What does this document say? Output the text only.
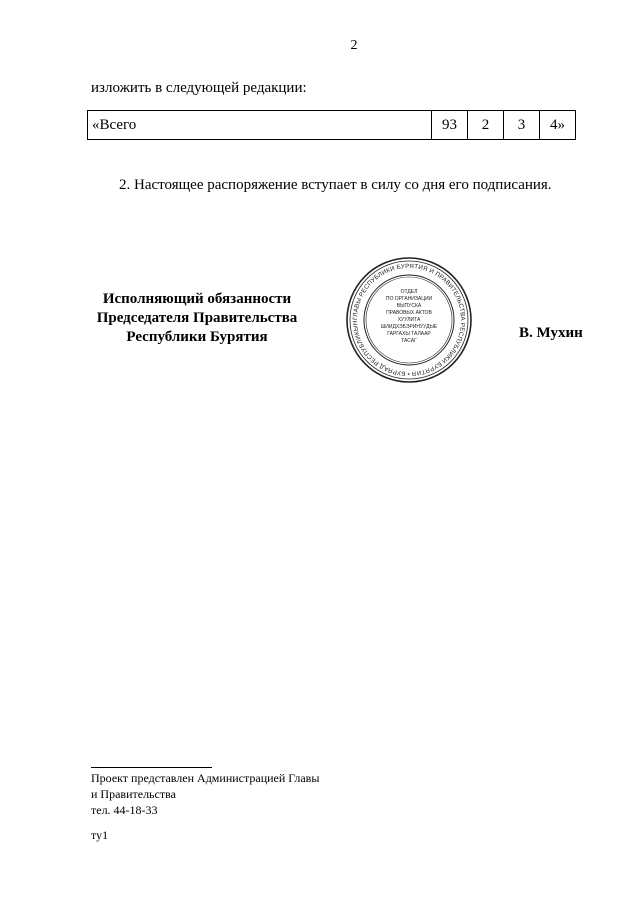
2
изложить в следующей редакции:
«Всего	93	2	3	4»
2. Настоящее распоряжение вступает в силу со дня его подписания.
Исполняющий обязанности
Председателя Правительства
Республики Бурятия	В. Мухин
ГЛАВЫ РЕСПУБЛИКИ БУРЯТИЯ И ПРАВИТЕЛЬСТВА РЕСПУБЛИКИ БУРЯТИЯ • БУРЯАД РЕСПУБЛИКЫН
ОТДЕЛ
ПО ОРГАНИЗАЦИИ
ВЫПУСКА
ПРАВОВЫХ АКТОВ
ХУУЛИТА
ШИИДХЭБЭРИНУУДЫЕ
ГАРГАХЫ ТАЛААР
ТАСАГ
Проект представлен Администрацией Главы
и Правительства
тел. 44-18-33
ту1
